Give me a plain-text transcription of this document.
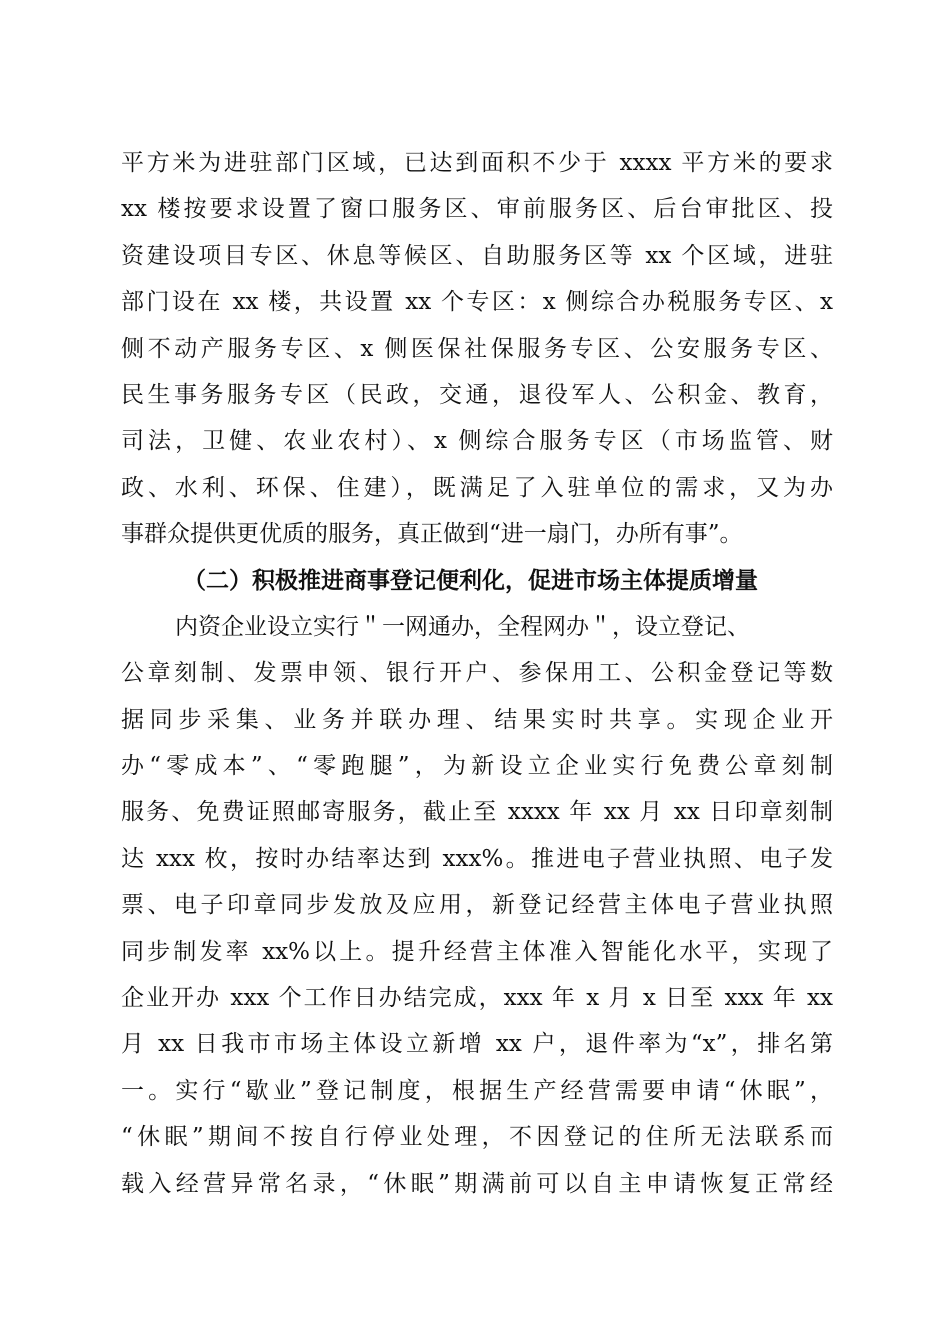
平方米为进驻部门区域，已达到面积不少于 xxxx 平方米的要求
xx 楼按要求设置了窗口服务区、审前服务区、后台审批区、投
资建设项目专区、休息等候区、自助服务区等 xx 个区域，进驻
部门设在 xx 楼，共设置 xx 个专区：x 侧综合办税服务专区、x
侧不动产服务专区、x 侧医保社保服务专区、公安服务专区、
民生事务服务专区（民政，交通，退役军人、公积金、教育，
司法，卫健、农业农村）、x 侧综合服务专区（市场监管、财
政、水利、环保、住建），既满足了入驻单位的需求，又为办
事群众提供更优质的服务，真正做到“进一扇门，办所有事”。
（二）积极推进商事登记便利化，促进市场主体提质增量
内资企业设立实行＂一网通办，全程网办＂，设立登记、
公章刻制、发票申领、银行开户、参保用工、公积金登记等数
据同步采集、业务并联办理、结果实时共享。实现企业开
办“零成本”、“零跑腿”，为新设立企业实行免费公章刻制
服务、免费证照邮寄服务，截止至 xxxx 年 xx 月 xx 日印章刻制
达 xxx 枚，按时办结率达到 xxx%。推进电子营业执照、电子发
票、电子印章同步发放及应用，新登记经营主体电子营业执照
同步制发率 xx%以上。提升经营主体准入智能化水平，实现了
企业开办 xxx 个工作日办结完成，xxx 年 x 月 x 日至 xxx 年 xx
月 xx 日我市市场主体设立新增 xx 户，退件率为“x”，排名第
一。实行“歇业”登记制度，根据生产经营需要申请“休眠”，
“休眠”期间不按自行停业处理，不因登记的住所无法联系而
载入经营异常名录，“休眠”期满前可以自主申请恢复正常经
